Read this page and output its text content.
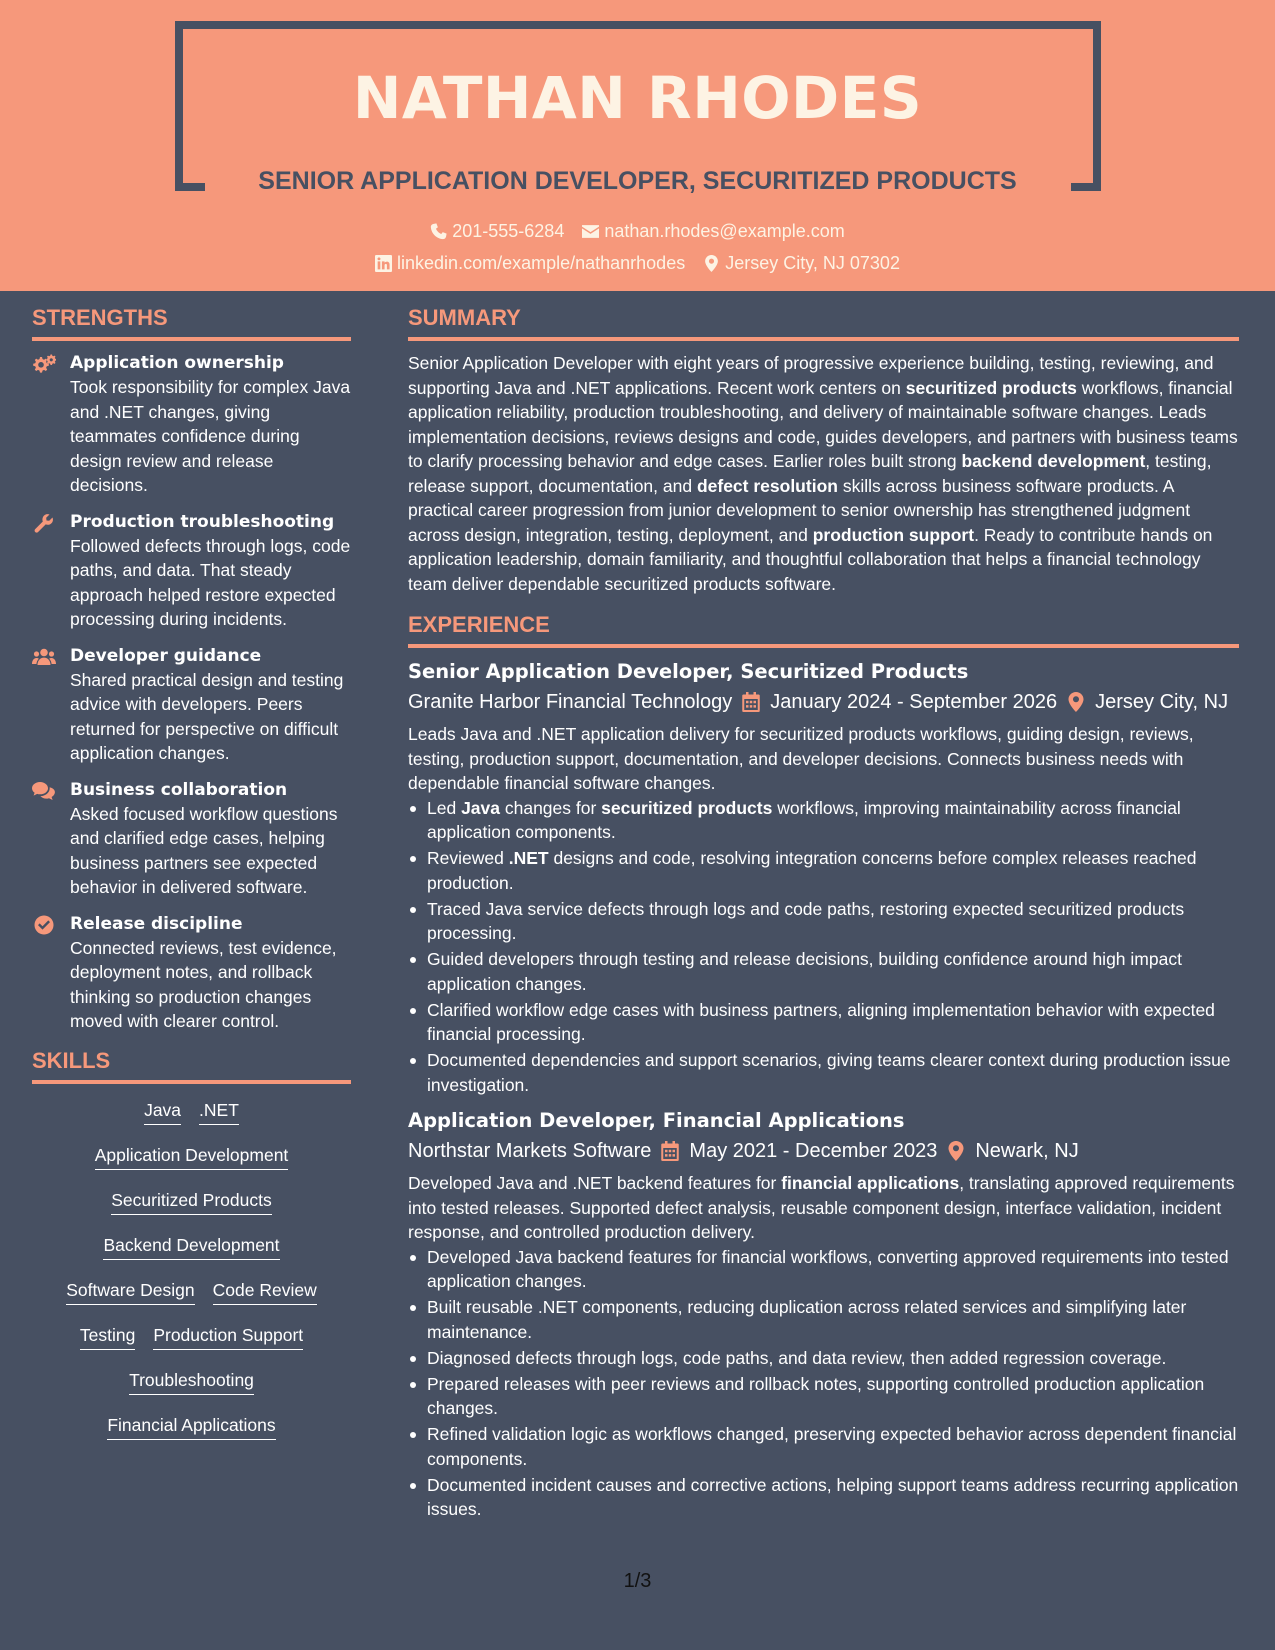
NATHAN RHODES
SENIOR APPLICATION DEVELOPER, SECURITIZED PRODUCTS
201-555-6284 nathan.rhodes@example.com
linkedin.com/example/nathanrhodes Jersey City, NJ 07302
STRENGTHS
Application ownership
Took responsibility for complex Java and .NET changes, giving teammates confidence during design review and release decisions.
Production troubleshooting
Followed defects through logs, code paths, and data. That steady approach helped restore expected processing during incidents.
Developer guidance
Shared practical design and testing advice with developers. Peers returned for perspective on difficult application changes.
Business collaboration
Asked focused workflow questions and clarified edge cases, helping business partners see expected behavior in delivered software.
Release discipline
Connected reviews, test evidence, deployment notes, and rollback thinking so production changes moved with clearer control.
SKILLS
Java .NET
Application Development
Securitized Products
Backend Development
Software Design Code Review
Testing Production Support
Troubleshooting
Financial Applications
SUMMARY
Senior Application Developer with eight years of progressive experience building, testing, reviewing, and supporting Java and .NET applications. Recent work centers on securitized products workflows, financial application reliability, production troubleshooting, and delivery of maintainable software changes. Leads implementation decisions, reviews designs and code, guides developers, and partners with business teams to clarify processing behavior and edge cases. Earlier roles built strong backend development, testing, release support, documentation, and defect resolution skills across business software products. A practical career progression from junior development to senior ownership has strengthened judgment across design, integration, testing, deployment, and production support. Ready to contribute hands on application leadership, domain familiarity, and thoughtful collaboration that helps a financial technology team deliver dependable securitized products software.
EXPERIENCE
Senior Application Developer, Securitized Products
Granite Harbor Financial Technology January 2024 - September 2026 Jersey City, NJ
Leads Java and .NET application delivery for securitized products workflows, guiding design, reviews, testing, production support, documentation, and developer decisions. Connects business needs with dependable financial software changes.
Led Java changes for securitized products workflows, improving maintainability across financial application components.
Reviewed .NET designs and code, resolving integration concerns before complex releases reached production.
Traced Java service defects through logs and code paths, restoring expected securitized products processing.
Guided developers through testing and release decisions, building confidence around high impact application changes.
Clarified workflow edge cases with business partners, aligning implementation behavior with expected financial processing.
Documented dependencies and support scenarios, giving teams clearer context during production issue investigation.
Application Developer, Financial Applications
Northstar Markets Software May 2021 - December 2023 Newark, NJ
Developed Java and .NET backend features for financial applications, translating approved requirements into tested releases. Supported defect analysis, reusable component design, interface validation, incident response, and controlled production delivery.
Developed Java backend features for financial workflows, converting approved requirements into tested application changes.
Built reusable .NET components, reducing duplication across related services and simplifying later maintenance.
Diagnosed defects through logs, code paths, and data review, then added regression coverage.
Prepared releases with peer reviews and rollback notes, supporting controlled production application changes.
Refined validation logic as workflows changed, preserving expected behavior across dependent financial components.
Documented incident causes and corrective actions, helping support teams address recurring application issues.
1/3
